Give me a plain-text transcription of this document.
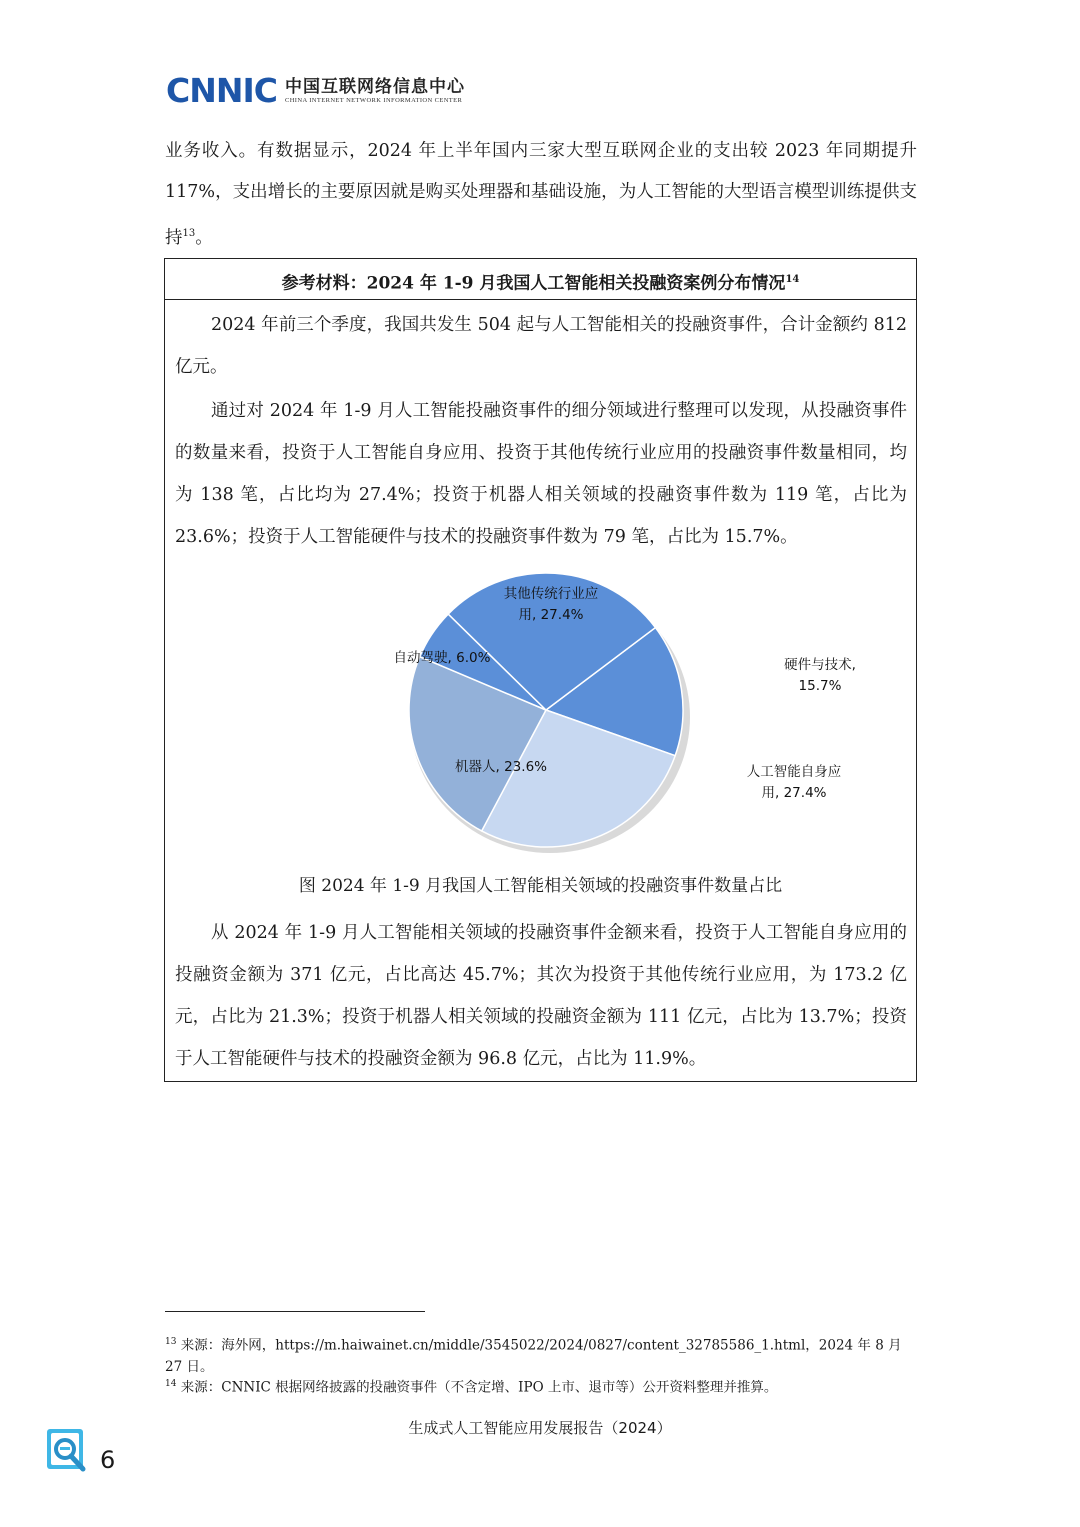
CNNIC 中国互联网络信息中心
CHINA INTERNET NETWORK INFORMATION CENTER
业务收入。有数据显示，2024 年上半年国内三家大型互联网企业的支出较 2023 年同期提升 117%，支出增长的主要原因就是购买处理器和基础设施，为人工智能的大型语言模型训练提供支持$^{13}$。
参考材料：2024 年 1-9 月我国人工智能相关投融资案例分布情况$^{14}$
2024 年前三个季度，我国共发生 504 起与人工智能相关的投融资事件，合计金额约 812 亿元。
通过对 2024 年 1-9 月人工智能投融资事件的细分领域进行整理可以发现，从投融资事件的数量来看，投资于人工智能自身应用、投资于其他传统行业应用的投融资事件数量相同，均为 138 笔，占比均为 27.4%；投资于机器人相关领域的投融资事件数为 119 笔，占比为 23.6%；投资于人工智能硬件与技术的投融资事件数为 79 笔，占比为 15.7%。
硬件与技术, 15.7%
人工智能自身应用, 27.4%
机器人, 23.6%
自动驾驶, 6.0%
其他传统行业应用, 27.4%
图 2024 年 1-9 月我国人工智能相关领域的投融资事件数量占比
从 2024 年 1-9 月人工智能相关领域的投融资事件金额来看，投资于人工智能自身应用的投融资金额为 371 亿元，占比高达 45.7%；其次为投资于其他传统行业应用，为 173.2 亿元，占比为 21.3%；投资于机器人相关领域的投融资金额为 111 亿元，占比为 13.7%；投资于人工智能硬件与技术的投融资金额为 96.8 亿元，占比为 11.9%。
$^{13}$ 来源：海外网，https://m.haiwainet.cn/middle/3545022/2024/0827/content_32785586_1.html，2024 年 8 月 27 日。
$^{14}$ 来源：CNNIC 根据网络披露的投融资事件（不含定增、IPO 上市、退市等）公开资料整理并推算。
生成式人工智能应用发展报告（2024）
6
